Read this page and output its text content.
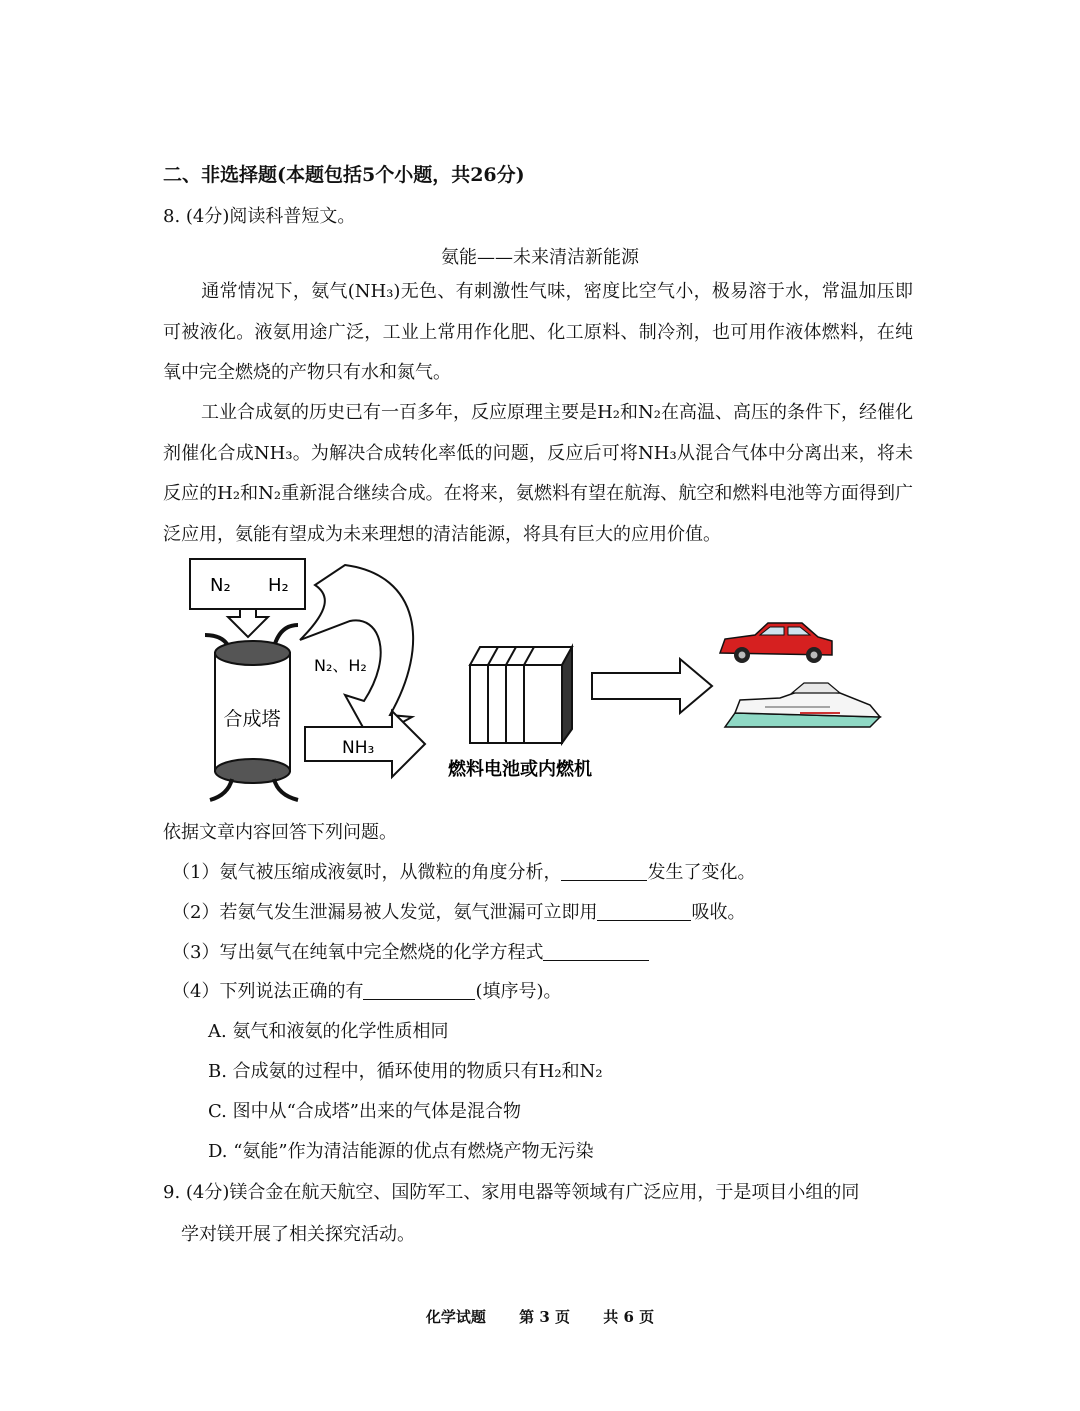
二、非选择题(本题包括5个小题，共26分)
8. (4分)阅读科普短文。
氨能——未来清洁新能源
通常情况下，氨气(NH₃)无色、有刺激性气味，密度比空气小，极易溶于水，常温加压即可被液化。液氨用途广泛，工业上常用作化肥、化工原料、制冷剂，也可用作液体燃料，在纯氧中完全燃烧的产物只有水和氮气。
工业合成氨的历史已有一百多年，反应原理主要是H₂和N₂在高温、高压的条件下，经催化剂催化合成NH₃。为解决合成转化率低的问题，反应后可将NH₃从混合气体中分离出来，将未反应的H₂和N₂重新混合继续合成。在将来，氨燃料有望在航海、航空和燃料电池等方面得到广泛应用，氨能有望成为未来理想的清洁能源，将具有巨大的应用价值。
N₂ H₂
N₂、H₂
合成塔
NH₃
燃料电池或内燃机
依据文章内容回答下列问题。
（1）氨气被压缩成液氨时，从微粒的角度分析，	发生了变化。
（2）若氨气发生泄漏易被人发觉，氨气泄漏可立即用	吸收。
（3）写出氨气在纯氧中完全燃烧的化学方程式
（4）下列说法正确的有	(填序号)。
A. 氨气和液氨的化学性质相同
B. 合成氨的过程中，循环使用的物质只有H₂和N₂
C. 图中从“合成塔”出来的气体是混合物
D. “氨能”作为清洁能源的优点有燃烧产物无污染
9. (4分)镁合金在航天航空、国防军工、家用电器等领域有广泛应用，于是项目小组的同
学对镁开展了相关探究活动。
化学试题 第 3 页 共 6 页
